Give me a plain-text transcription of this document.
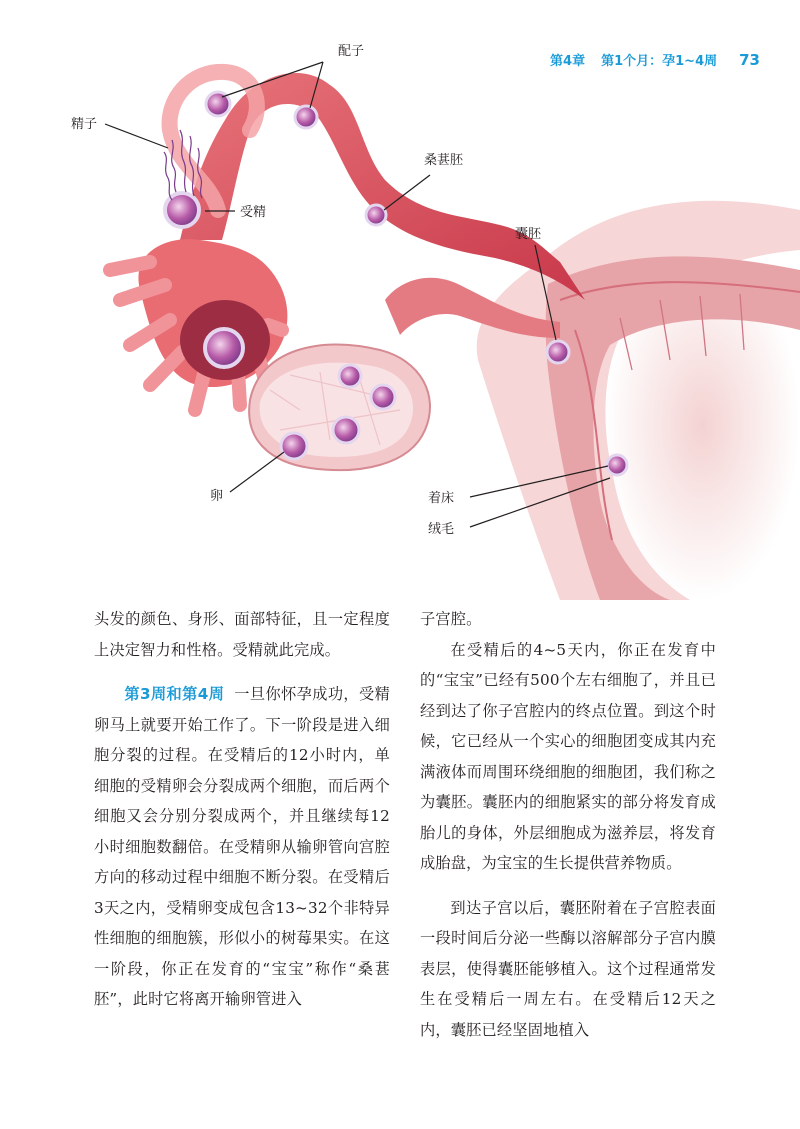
第4章 第1个月：孕1~4周 73
配子
精子
桑葚胚
受精
囊胚
卵	着床
绒毛

头发的颜色、身形、面部特征，且一定程度上决定智力和性格。受精就此完成。

第3周和第4周 一旦你怀孕成功，受精卵马上就要开始工作了。下一阶段是进入细胞分裂的过程。在受精后的12小时内，单细胞的受精卵会分裂成两个细胞，而后两个细胞又会分别分裂成两个，并且继续每12小时细胞数翻倍。在受精卵从输卵管向宫腔方向的移动过程中细胞不断分裂。在受精后3天之内，受精卵变成包含13~32个非特异性细胞的细胞簇，形似小的树莓果实。在这一阶段，你正在发育的“宝宝”称作“桑葚胚”，此时它将离开输卵管进入

子宫腔。

在受精后的4~5天内，你正在发育中的“宝宝”已经有500个左右细胞了，并且已经到达了你子宫腔内的终点位置。到这个时候，它已经从一个实心的细胞团变成其内充满液体而周围环绕细胞的细胞团，我们称之为囊胚。囊胚内的细胞紧实的部分将发育成胎儿的身体，外层细胞成为滋养层，将发育成胎盘，为宝宝的生长提供营养物质。

到达子宫以后，囊胚附着在子宫腔表面一段时间后分泌一些酶以溶解部分子宫内膜表层，使得囊胚能够植入。这个过程通常发生在受精后一周左右。在受精后12天之内，囊胚已经坚固地植入
